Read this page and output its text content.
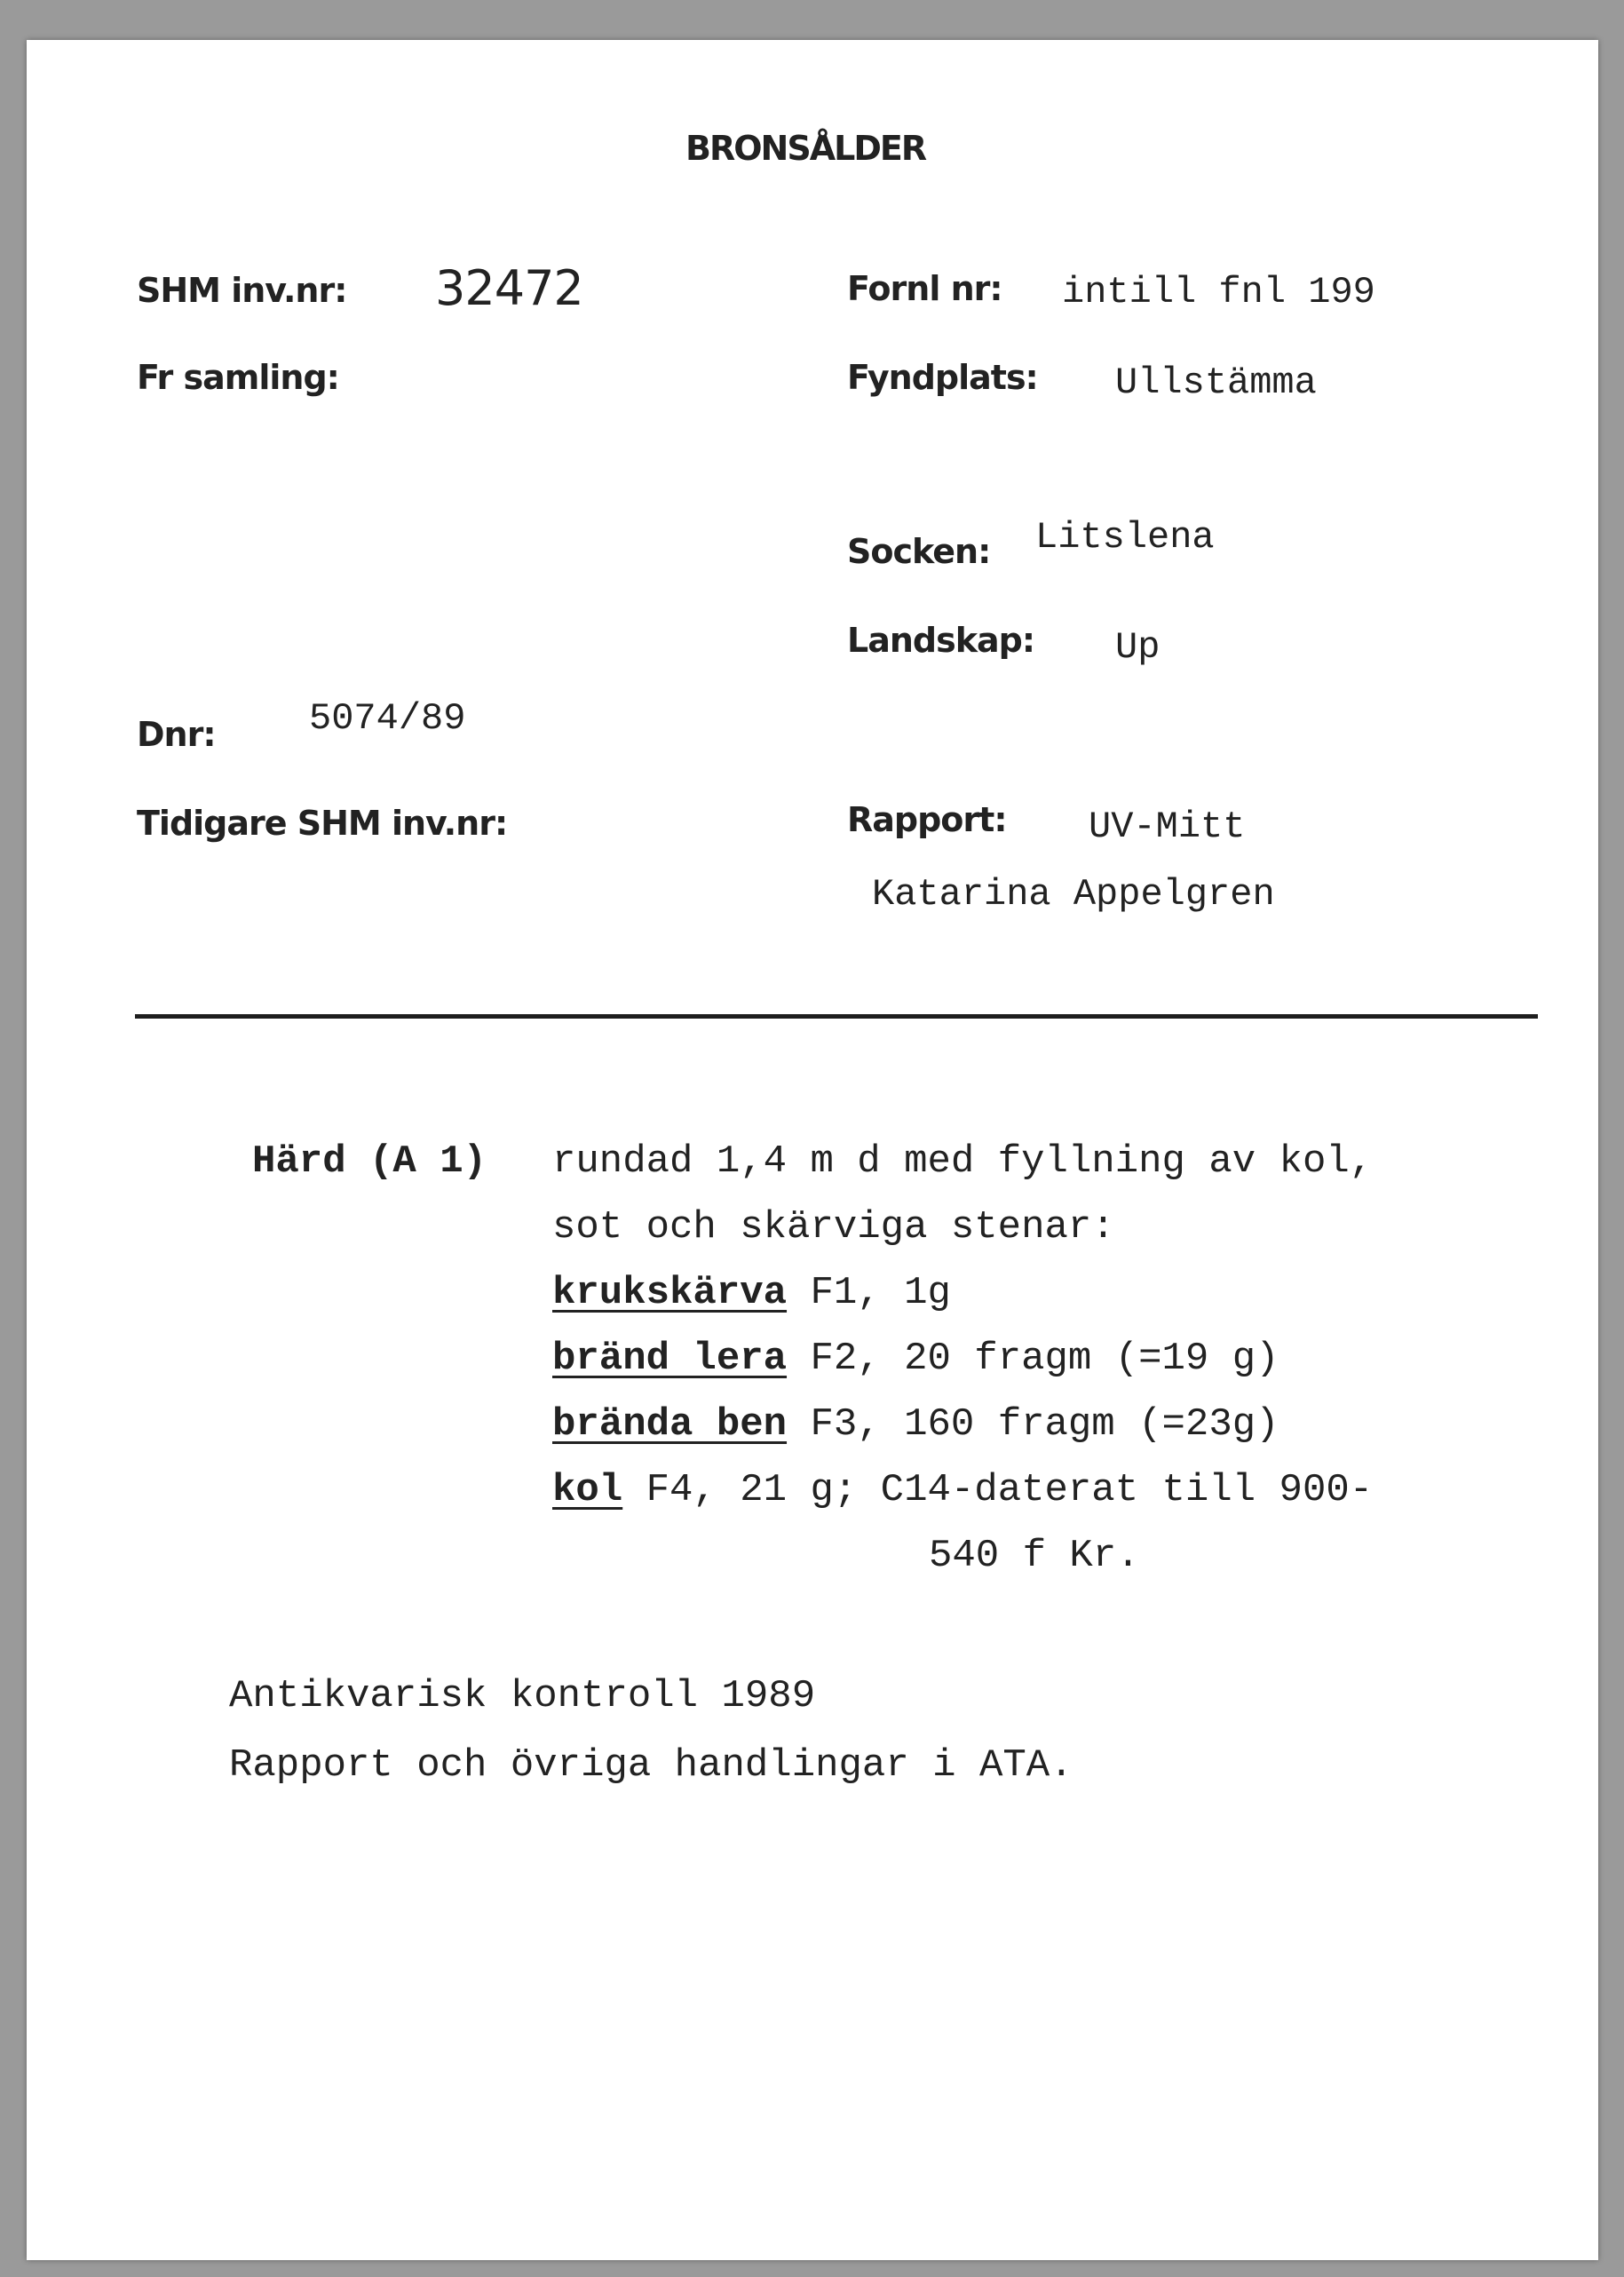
BRONSÅLDER
SHM inv.nr: 32472	Fornl nr: intill fnl 199
Fr samling:	Fyndplats: Ullstämma
Socken: Litslena
Landskap: Up
Dnr:	5074/89
Tidigare SHM inv.nr:	Rapport: UV-Mitt
Katarina Appelgren
Härd (A 1) rundad 1,4 m d med fyllning av kol,
sot och skärviga stenar:
krukskärva F1, 1g
bränd lera F2, 20 fragm (=19 g)
brända ben F3, 160 fragm (=23g)
kol F4, 21 g; C14-daterat till 900-
540 f Kr.
Antikvarisk kontroll 1989
Rapport och övriga handlingar i ATA.
